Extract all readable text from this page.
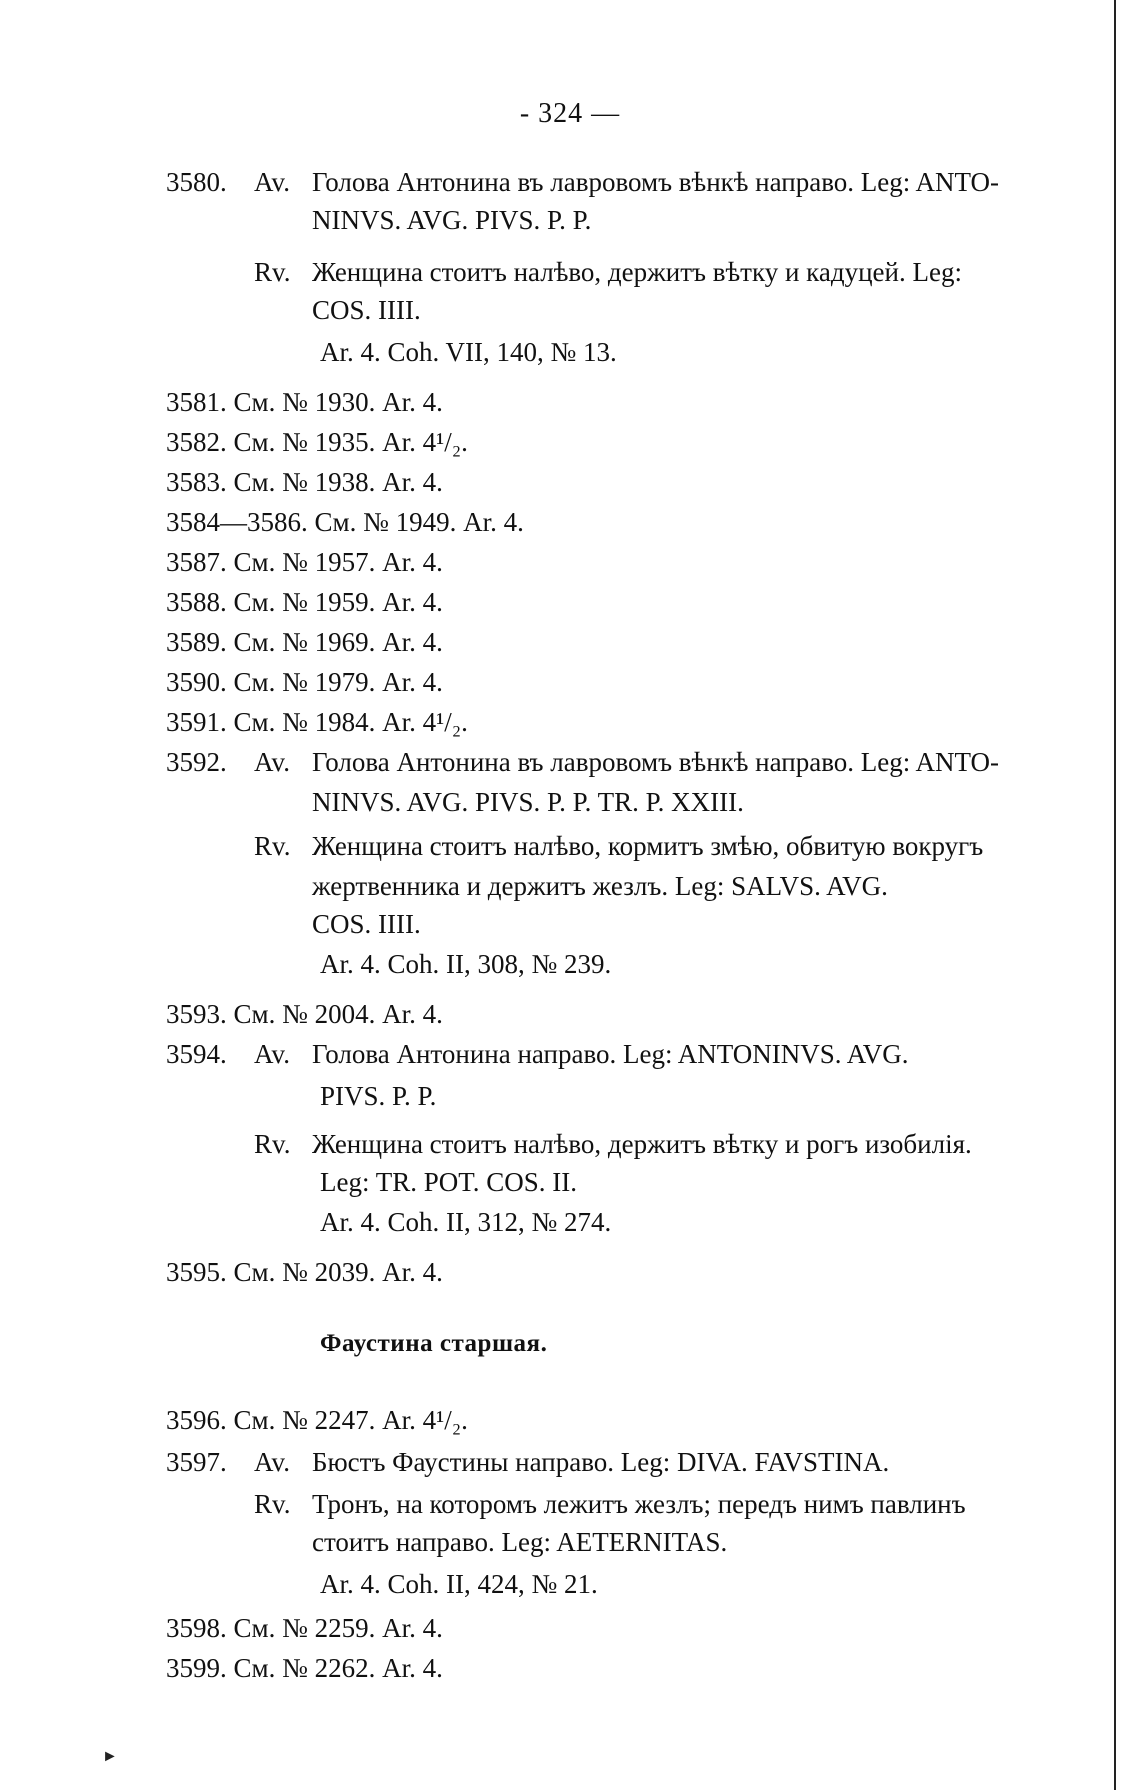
- 324 —
3580. Av. Голова Антонина въ лавровомъ вѣнкѣ направо. Leg: ANTO-
NINVS. AVG. PIVS. P. P.
Rv. Женщина стоитъ налѣво, держитъ вѣтку и кадуцей. Leg:
COS. IIII.
Ar. 4. Coh. VII, 140, № 13.
3581. См. № 1930. Ar. 4.
3582. См. № 1935. Ar. 4¹/₂.
3583. См. № 1938. Ar. 4.
3584—3586. См. № 1949. Ar. 4.
3587. См. № 1957. Ar. 4.
3588. См. № 1959. Ar. 4.
3589. См. № 1969. Ar. 4.
3590. См. № 1979. Ar. 4.
3591. См. № 1984. Ar. 4¹/₂.
3592. Av. Голова Антонина въ лавровомъ вѣнкѣ направо. Leg: ANTO-
NINVS. AVG. PIVS. P. P. TR. P. XXIII.
Rv. Женщина стоитъ налѣво, кормитъ змѣю, обвитую вокругъ
жертвенника и держитъ жезлъ. Leg: SALVS. AVG.
COS. IIII.
Ar. 4. Coh. II, 308, № 239.
3593. См. № 2004. Ar. 4.
3594. Av. Голова Антонина направо. Leg: ANTONINVS. AVG.
PIVS. P. P.
Rv. Женщина стоитъ налѣво, держитъ вѣтку и рогъ изобилія.
Leg: TR. POT. COS. II.
Ar. 4. Coh. II, 312, № 274.
3595. См. № 2039. Ar. 4.
Фаустина старшая.
3596. См. № 2247. Ar. 4¹/₂.
3597. Av. Бюстъ Фаустины направо. Leg: DIVA. FAVSTINA.
Rv. Тронъ, на которомъ лежитъ жезлъ; передъ нимъ павлинъ
стоитъ направо. Leg: AETERNITAS.
Ar. 4. Coh. II, 424, № 21.
3598. См. № 2259. Ar. 4.
3599. См. № 2262. Ar. 4.
►
